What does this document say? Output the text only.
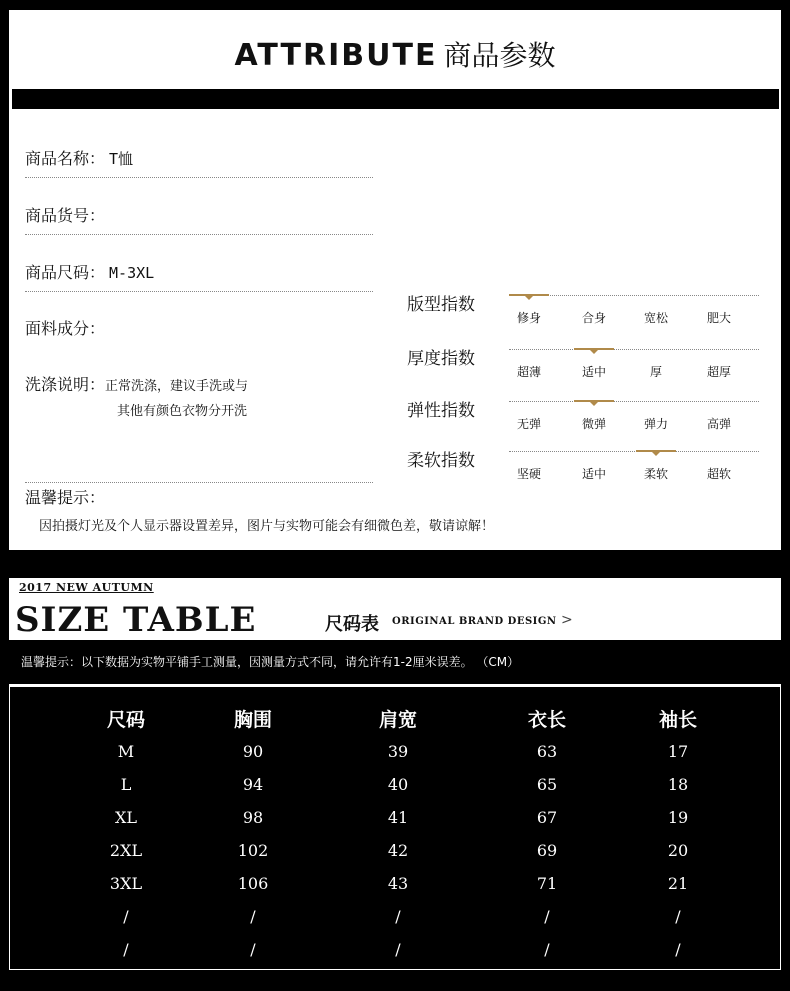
ATTRIBUTE 商品参数
商品名称： T恤
商品货号：
商品尺码： M-3XL
面料成分：
洗涤说明：正常洗涤，建议手洗或与
其他有颜色衣物分开洗
温馨提示：
因拍摄灯光及个人显示器设置差异，图片与实物可能会有细微色差，敬请谅解！
版型指数
修身	合身	宽松	肥大
厚度指数
超薄	适中	厚	超厚
弹性指数
无弹	微弹	弹力	高弹
柔软指数
坚硬	适中	柔软	超软
2017 NEW AUTUMN
SIZE TABLE	尺码表 ORIGINAL BRAND DESIGN >
温馨提示：以下数据为实物平铺手工测量，因测量方式不同，请允许有1-2厘米误差。 （CM）
尺码	胸围	肩宽	衣长	袖长
M	90	39	63	17
L	94	40	65	18
XL	98	41	67	19
2XL	102	42	69	20
3XL	106	43	71	21
/	/	/	/	/
/	/	/	/	/
